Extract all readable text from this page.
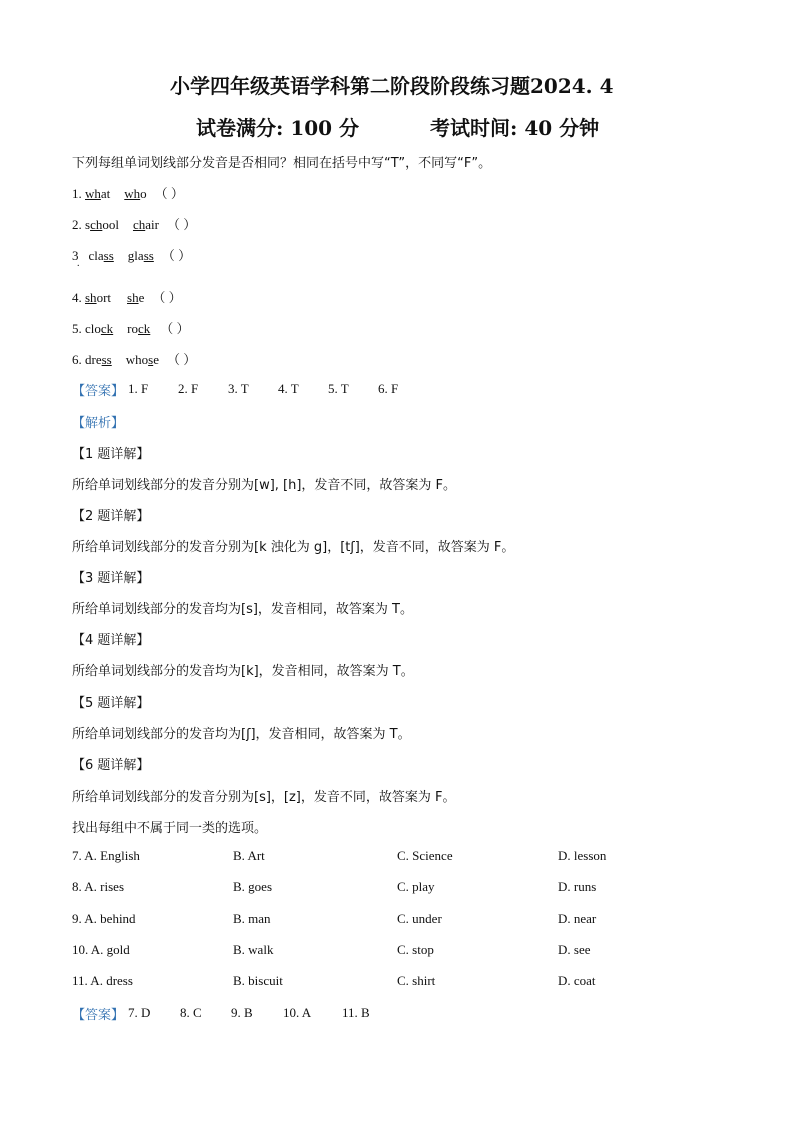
小学四年级英语学科第二阶段阶段练习题2024. 4
试卷满分: 100 分	考试时间: 40 分钟
下列每组单词划线部分发音是否相同？相同在括号中写“T”，不同写“F”。
1. what who （ ）
2. school chair （ ）
3 class glass （ ）
.
4. short she （ ）
5. clock rock （ ）
6. dress whose （ ）
【答案】 1. F 2. F 3. T 4. T 5. T 6. F
【解析】
【1 题详解】
所给单词划线部分的发音分别为[w], [h]，发音不同，故答案为 F。
【2 题详解】
所给单词划线部分的发音分别为[k 浊化为 g]，[tʃ]，发音不同，故答案为 F。
【3 题详解】
所给单词划线部分的发音均为[s]，发音相同，故答案为 T。
【4 题详解】
所给单词划线部分的发音均为[k]，发音相同，故答案为 T。
【5 题详解】
所给单词划线部分的发音均为[ʃ]，发音相同，故答案为 T。
【6 题详解】
所给单词划线部分的发音分别为[s]，[z]，发音不同，故答案为 F。
找出每组中不属于同一类的选项。
7. A. English	B. Art	C. Science	D. lesson
8. A. rises	B. goes	C. play	D. runs
9. A. behind	B. man	C. under	D. near
10. A. gold	B. walk	C. stop	D. see
11. A. dress	B. biscuit	C. shirt	D. coat
【答案】 7. D 8. C 9. B 10. A 11. B
